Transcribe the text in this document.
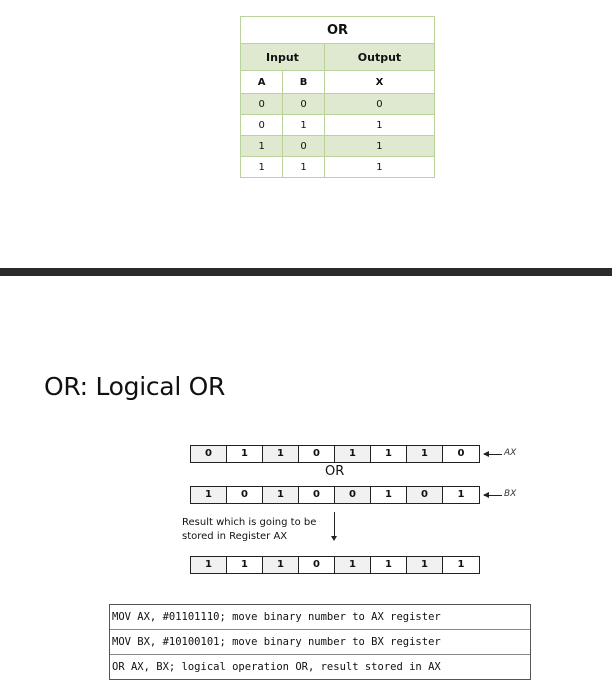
OR		
Input		Output
A	B	X
0	0	0
0	1	1
1	0	1
1	1	1
OR: Logical OR
0	1	1	0	1	1	1	0	AX
OR
1	0	1	0	0	1	0	1	BX
Result which is going to be
stored in Register AX
1	1	1	0	1	1	1	1
MOV AX, #01101110; move binary number to AX register
MOV BX, #10100101; move binary number to BX register
OR AX, BX; logical operation OR, result stored in AX
